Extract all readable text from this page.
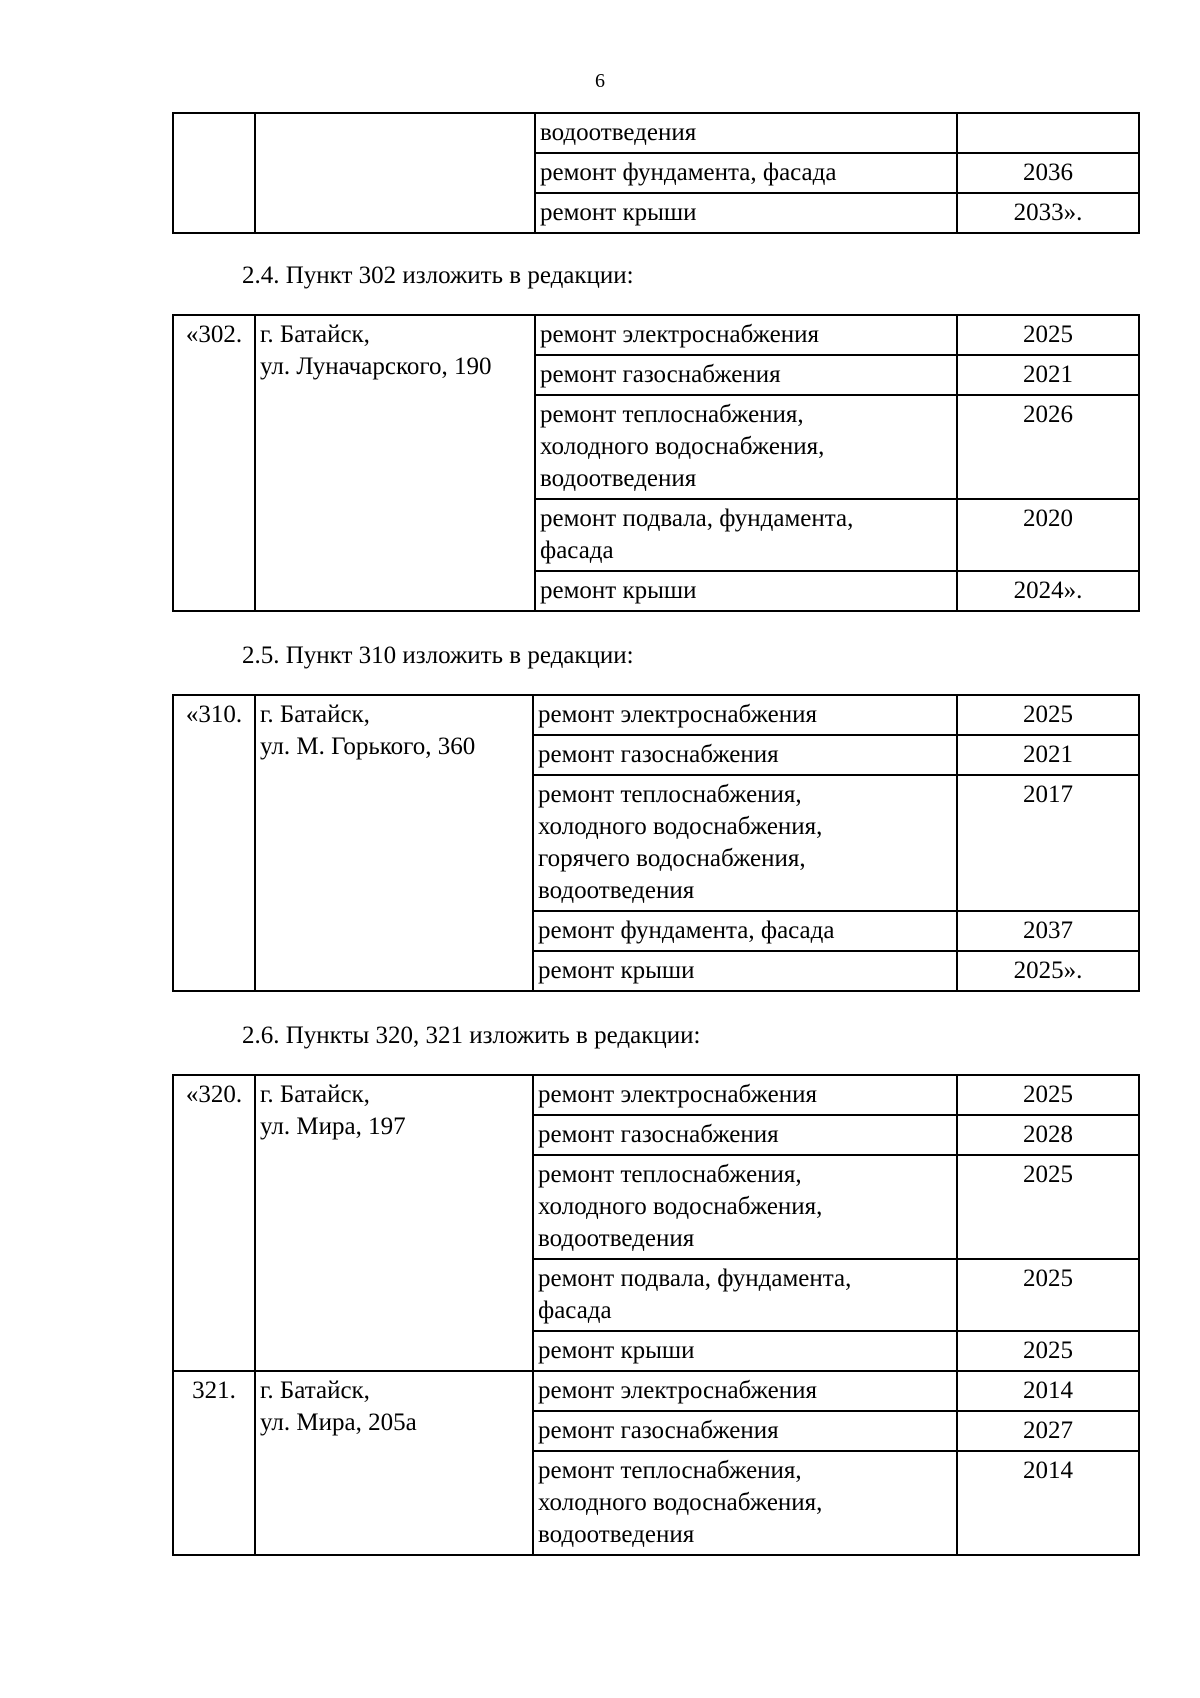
6
		водоотведения	
		ремонт фундамента, фасада	2036
		ремонт крыши	2033».
2.4. Пункт 302 изложить в редакции:
«302.	г. Батайск,
ул. Луначарского, 190	ремонт электроснабжения	2025
		ремонт газоснабжения	2021
		ремонт теплоснабжения,
холодного водоснабжения,
водоотведения	2026
		ремонт подвала, фундамента,
фасада	2020
		ремонт крыши	2024».
2.5. Пункт 310 изложить в редакции:
«310.	г. Батайск,
ул. М. Горького, 360	ремонт электроснабжения	2025
		ремонт газоснабжения	2021
		ремонт теплоснабжения,
холодного водоснабжения,
горячего водоснабжения,
водоотведения	2017
		ремонт фундамента, фасада	2037
		ремонт крыши	2025».
2.6. Пункты 320, 321 изложить в редакции:
«320.	г. Батайск,
ул. Мира, 197	ремонт электроснабжения	2025
		ремонт газоснабжения	2028
		ремонт теплоснабжения,
холодного водоснабжения,
водоотведения	2025
		ремонт подвала, фундамента,
фасада	2025
		ремонт крыши	2025
321.	г. Батайск,
ул. Мира, 205а	ремонт электроснабжения	2014
		ремонт газоснабжения	2027
		ремонт теплоснабжения,
холодного водоснабжения,
водоотведения	2014
